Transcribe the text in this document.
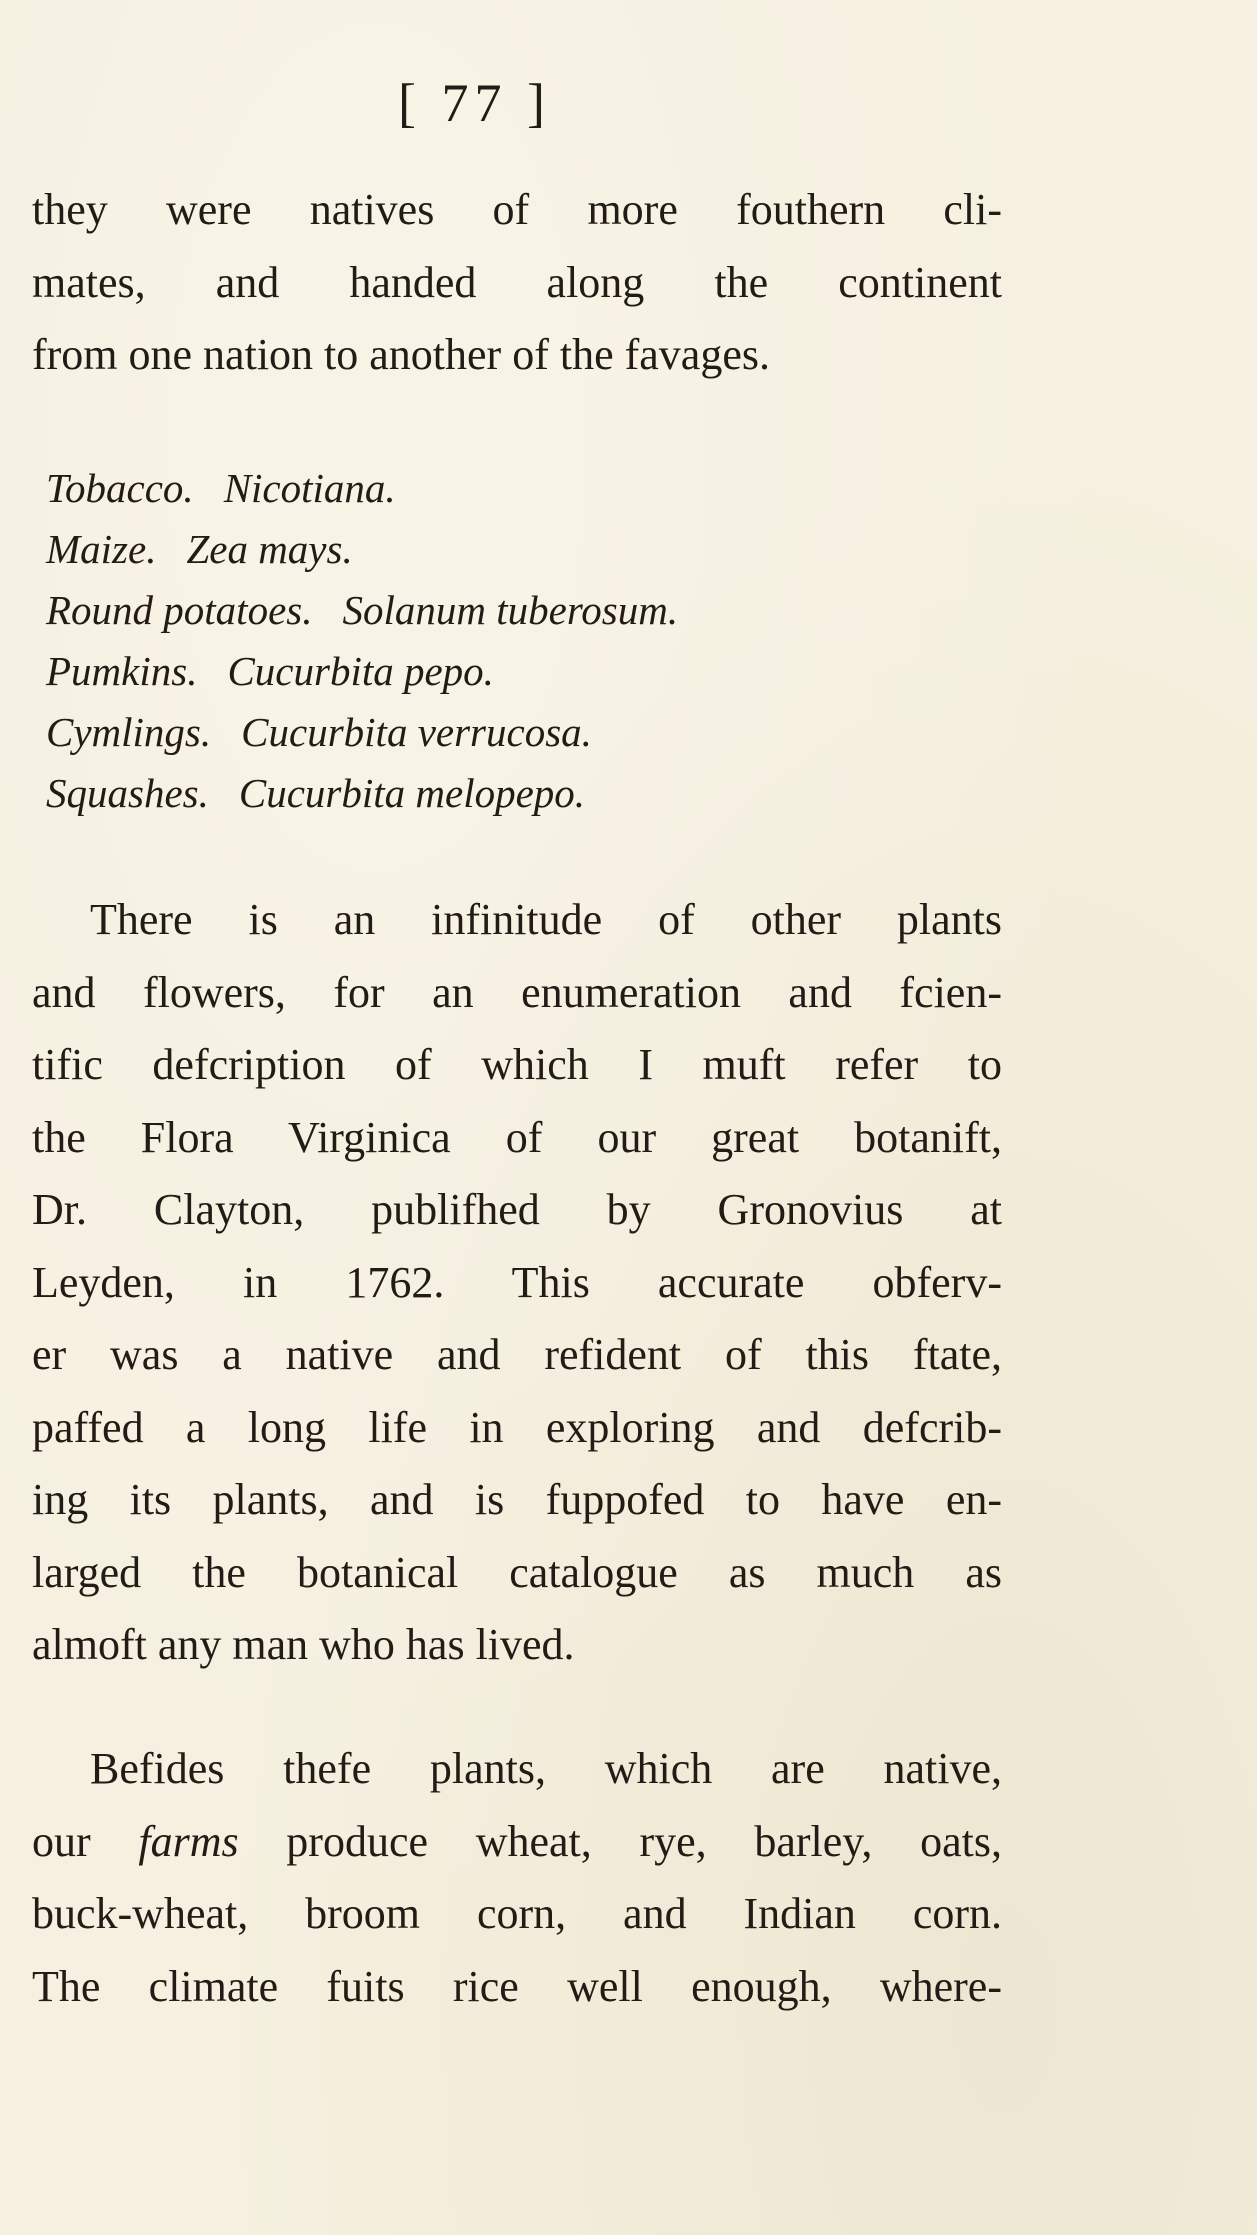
[ 77 ]
they were natives of more fouthern cli-
mates, and handed along the continent
from one nation to another of the favages.
Tobacco. Nicotiana.
Maize. Zea mays.
Round potatoes. Solanum tuberosum.
Pumkins. Cucurbita pepo.
Cymlings. Cucurbita verrucosa.
Squashes. Cucurbita melopepo.
There is an infinitude of other plants
and flowers, for an enumeration and fcien-
tific defcription of which I muft refer to
the Flora Virginica of our great botanift,
Dr. Clayton, publifhed by Gronovius at
Leyden, in 1762. This accurate obferv-
er was a native and refident of this ftate,
paffed a long life in exploring and defcrib-
ing its plants, and is fuppofed to have en-
larged the botanical catalogue as much as
almoft any man who has lived.
Befides thefe plants, which are native,
our farms produce wheat, rye, barley, oats,
buck-wheat, broom corn, and Indian corn.
The climate fuits rice well enough, where-
